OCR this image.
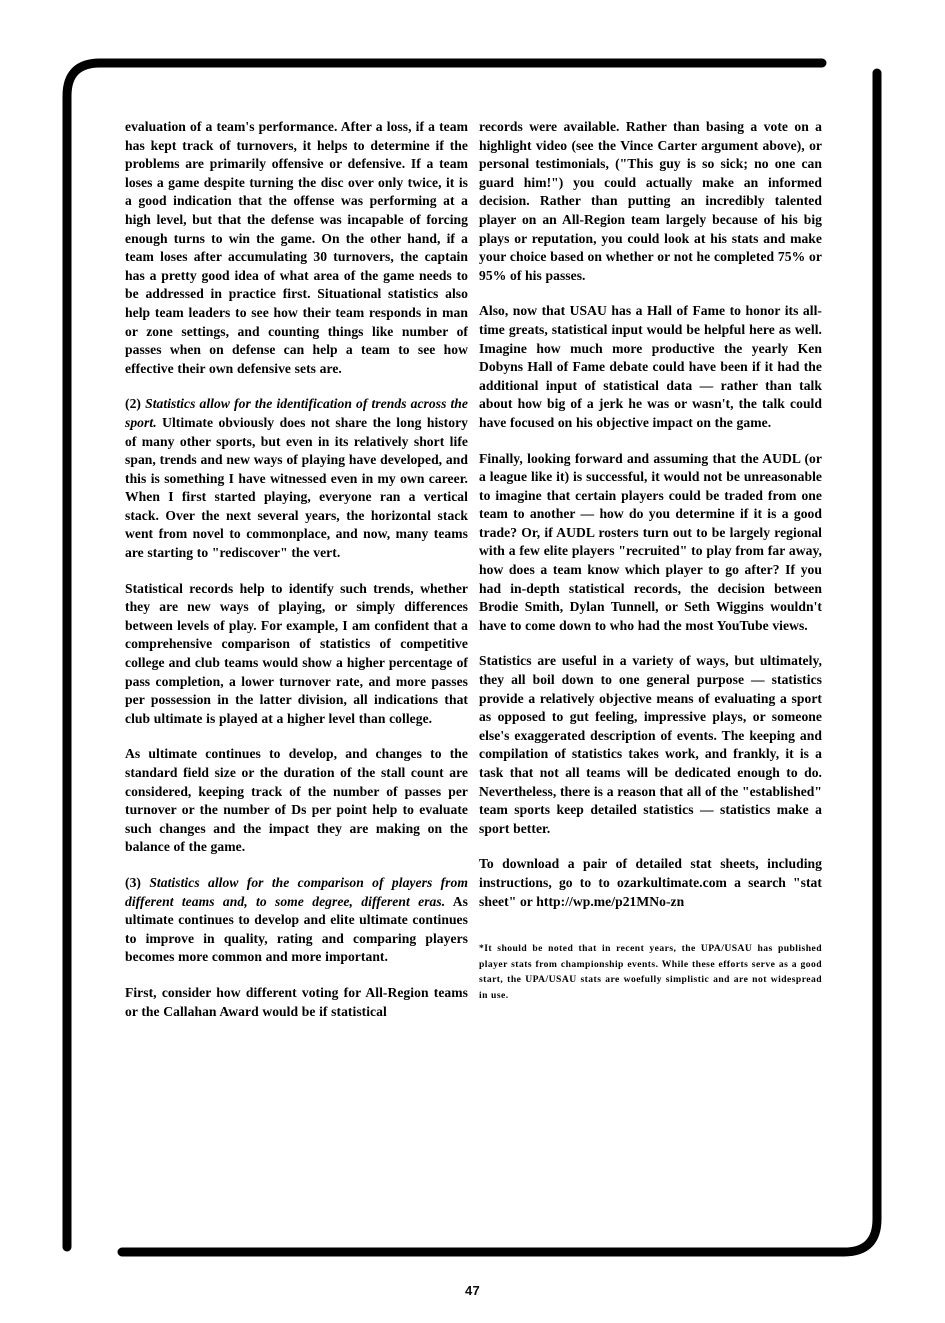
evaluation of a team's performance. After a loss, if a team has kept track of turnovers, it helps to determine if the problems are primarily offensive or defensive. If a team loses a game despite turning the disc over only twice, it is a good indication that the offense was performing at a high level, but that the defense was incapable of forcing enough turns to win the game. On the other hand, if a team loses after accumulating 30 turnovers, the captain has a pretty good idea of what area of the game needs to be addressed in practice first. Situational statistics also help team leaders to see how their team responds in man or zone settings, and counting things like number of passes when on defense can help a team to see how effective their own defensive sets are.

(2) Statistics allow for the identification of trends across the sport. Ultimate obviously does not share the long history of many other sports, but even in its relatively short life span, trends and new ways of playing have developed, and this is something I have witnessed even in my own career. When I first started playing, everyone ran a vertical stack. Over the next several years, the horizontal stack went from novel to commonplace, and now, many teams are starting to "rediscover" the vert.

Statistical records help to identify such trends, whether they are new ways of playing, or simply differences between levels of play. For example, I am confident that a comprehensive comparison of statistics of competitive college and club teams would show a higher percentage of pass completion, a lower turnover rate, and more passes per possession in the latter division, all indications that club ultimate is played at a higher level than college.

As ultimate continues to develop, and changes to the standard field size or the duration of the stall count are considered, keeping track of the number of passes per turnover or the number of Ds per point help to evaluate such changes and the impact they are making on the balance of the game.

(3) Statistics allow for the comparison of players from different teams and, to some degree, different eras. As ultimate continues to develop and elite ultimate continues to improve in quality, rating and comparing players becomes more common and more important.

First, consider how different voting for All-Region teams or the Callahan Award would be if statistical

records were available. Rather than basing a vote on a highlight video (see the Vince Carter argument above), or personal testimonials, ("This guy is so sick; no one can guard him!") you could actually make an informed decision. Rather than putting an incredibly talented player on an All-Region team largely because of his big plays or reputation, you could look at his stats and make your choice based on whether or not he completed 75% or 95% of his passes.

Also, now that USAU has a Hall of Fame to honor its all-time greats, statistical input would be helpful here as well. Imagine how much more productive the yearly Ken Dobyns Hall of Fame debate could have been if it had the additional input of statistical data — rather than talk about how big of a jerk he was or wasn't, the talk could have focused on his objective impact on the game.

Finally, looking forward and assuming that the AUDL (or a league like it) is successful, it would not be unreasonable to imagine that certain players could be traded from one team to another — how do you determine if it is a good trade? Or, if AUDL rosters turn out to be largely regional with a few elite players "recruited" to play from far away, how does a team know which player to go after? If you had in-depth statistical records, the decision between Brodie Smith, Dylan Tunnell, or Seth Wiggins wouldn't have to come down to who had the most YouTube views.

Statistics are useful in a variety of ways, but ultimately, they all boil down to one general purpose — statistics provide a relatively objective means of evaluating a sport as opposed to gut feeling, impressive plays, or someone else's exaggerated description of events. The keeping and compilation of statistics takes work, and frankly, it is a task that not all teams will be dedicated enough to do. Nevertheless, there is a reason that all of the "established" team sports keep detailed statistics — statistics make a sport better.

To download a pair of detailed stat sheets, including instructions, go to to ozarkultimate.com a search "stat sheet" or http://wp.me/p21MNo-zn

*It should be noted that in recent years, the UPA/USAU has published player stats from championship events. While these efforts serve as a good start, the UPA/USAU stats are woefully simplistic and are not widespread in use.

47
